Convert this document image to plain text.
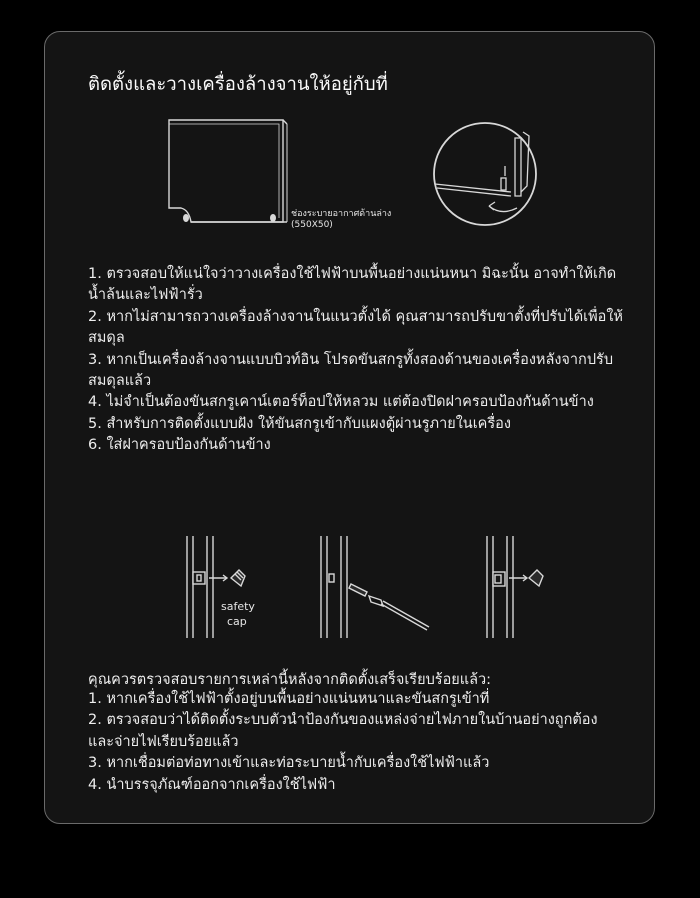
ติดตั้งและวางเครื่องล้างจานให้อยู่กับที่
ช่องระบายอากาศด้านล่าง
(550X50)
1. ตรวจสอบให้แน่ใจว่าวางเครื่องใช้ไฟฟ้าบนพื้นอย่างแน่นหนา มิฉะนั้น อาจทำให้เกิด
น้ำล้นและไฟฟ้ารั่ว
2. หากไม่สามารถวางเครื่องล้างจานในแนวตั้งได้ คุณสามารถปรับขาตั้งที่ปรับได้เพื่อให้
สมดุล
3. หากเป็นเครื่องล้างจานแบบบิวท์อิน โปรดขันสกรูทั้งสองด้านของเครื่องหลังจากปรับ
สมดุลแล้ว
4. ไม่จำเป็นต้องขันสกรูเคาน์เตอร์ท็อปให้หลวม แต่ต้องปิดฝาครอบป้องกันด้านข้าง
5. สำหรับการติดตั้งแบบฝัง ให้ขันสกรูเข้ากับแผงตู้ผ่านรูภายในเครื่อง
6. ใส่ฝาครอบป้องกันด้านข้าง
safety
cap
คุณควรตรวจสอบรายการเหล่านี้หลังจากติดตั้งเสร็จเรียบร้อยแล้ว:
1. หากเครื่องใช้ไฟฟ้าตั้งอยู่บนพื้นอย่างแน่นหนาและขันสกรูเข้าที่
2. ตรวจสอบว่าได้ติดตั้งระบบตัวนำป้องกันของแหล่งจ่ายไฟภายในบ้านอย่างถูกต้อง
และจ่ายไฟเรียบร้อยแล้ว
3. หากเชื่อมต่อท่อทางเข้าและท่อระบายน้ำกับเครื่องใช้ไฟฟ้าแล้ว
4. นำบรรจุภัณฑ์ออกจากเครื่องใช้ไฟฟ้า
